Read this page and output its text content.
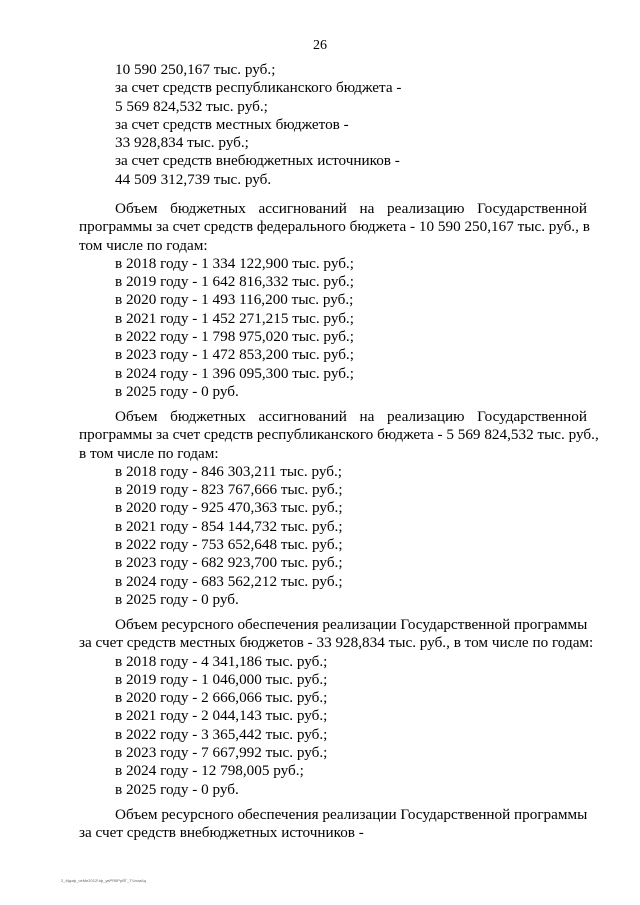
26
10 590 250,167 тыс. руб.;
за счет средств республиканского бюджета -
5 569 824,532 тыс. руб.;
за счет средств местных бюджетов -
33 928,834 тыс. руб.;
за счет средств внебюджетных источников -
44 509 312,739 тыс. руб.
Объем бюджетных ассигнований на реализацию Государственной
программы за счет средств федерального бюджета - 10 590 250,167 тыс. руб., в
том числе по годам:
в 2018 году - 1 334 122,900 тыс. руб.;
в 2019 году - 1 642 816,332 тыс. руб.;
в 2020 году - 1 493 116,200 тыс. руб.;
в 2021 году - 1 452 271,215 тыс. руб.;
в 2022 году - 1 798 975,020 тыс. руб.;
в 2023 году - 1 472 853,200 тыс. руб.;
в 2024 году - 1 396 095,300 тыс. руб.;
в 2025 году - 0 руб.
Объем бюджетных ассигнований на реализацию Государственной
программы за счет средств республиканского бюджета - 5 569 824,532 тыс. руб.,
в том числе по годам:
в 2018 году - 846 303,211 тыс. руб.;
в 2019 году - 823 767,666 тыс. руб.;
в 2020 году - 925 470,363 тыс. руб.;
в 2021 году - 854 144,732 тыс. руб.;
в 2022 году - 753 652,648 тыс. руб.;
в 2023 году - 682 923,700 тыс. руб.;
в 2024 году - 683 562,212 тыс. руб.;
в 2025 году - 0 руб.
Объем ресурсного обеспечения реализации Государственной программы
за счет средств местных бюджетов - 33 928,834 тыс. руб., в том числе по годам:
в 2018 году - 4 341,186 тыс. руб.;
в 2019 году - 1 046,000 тыс. руб.;
в 2020 году - 2 666,066 тыс. руб.;
в 2021 году - 2 044,143 тыс. руб.;
в 2022 году - 3 365,442 тыс. руб.;
в 2023 году - 7 667,992 тыс. руб.;
в 2024 году - 12 798,005 руб.;
в 2025 году - 0 руб.
Объем ресурсного обеспечения реализации Государственной программы
за счет средств внебюджетных источников -
2_Мдзф_чеМн2012Чф_увРЯбРрЙГ_ТЧлчиАц
